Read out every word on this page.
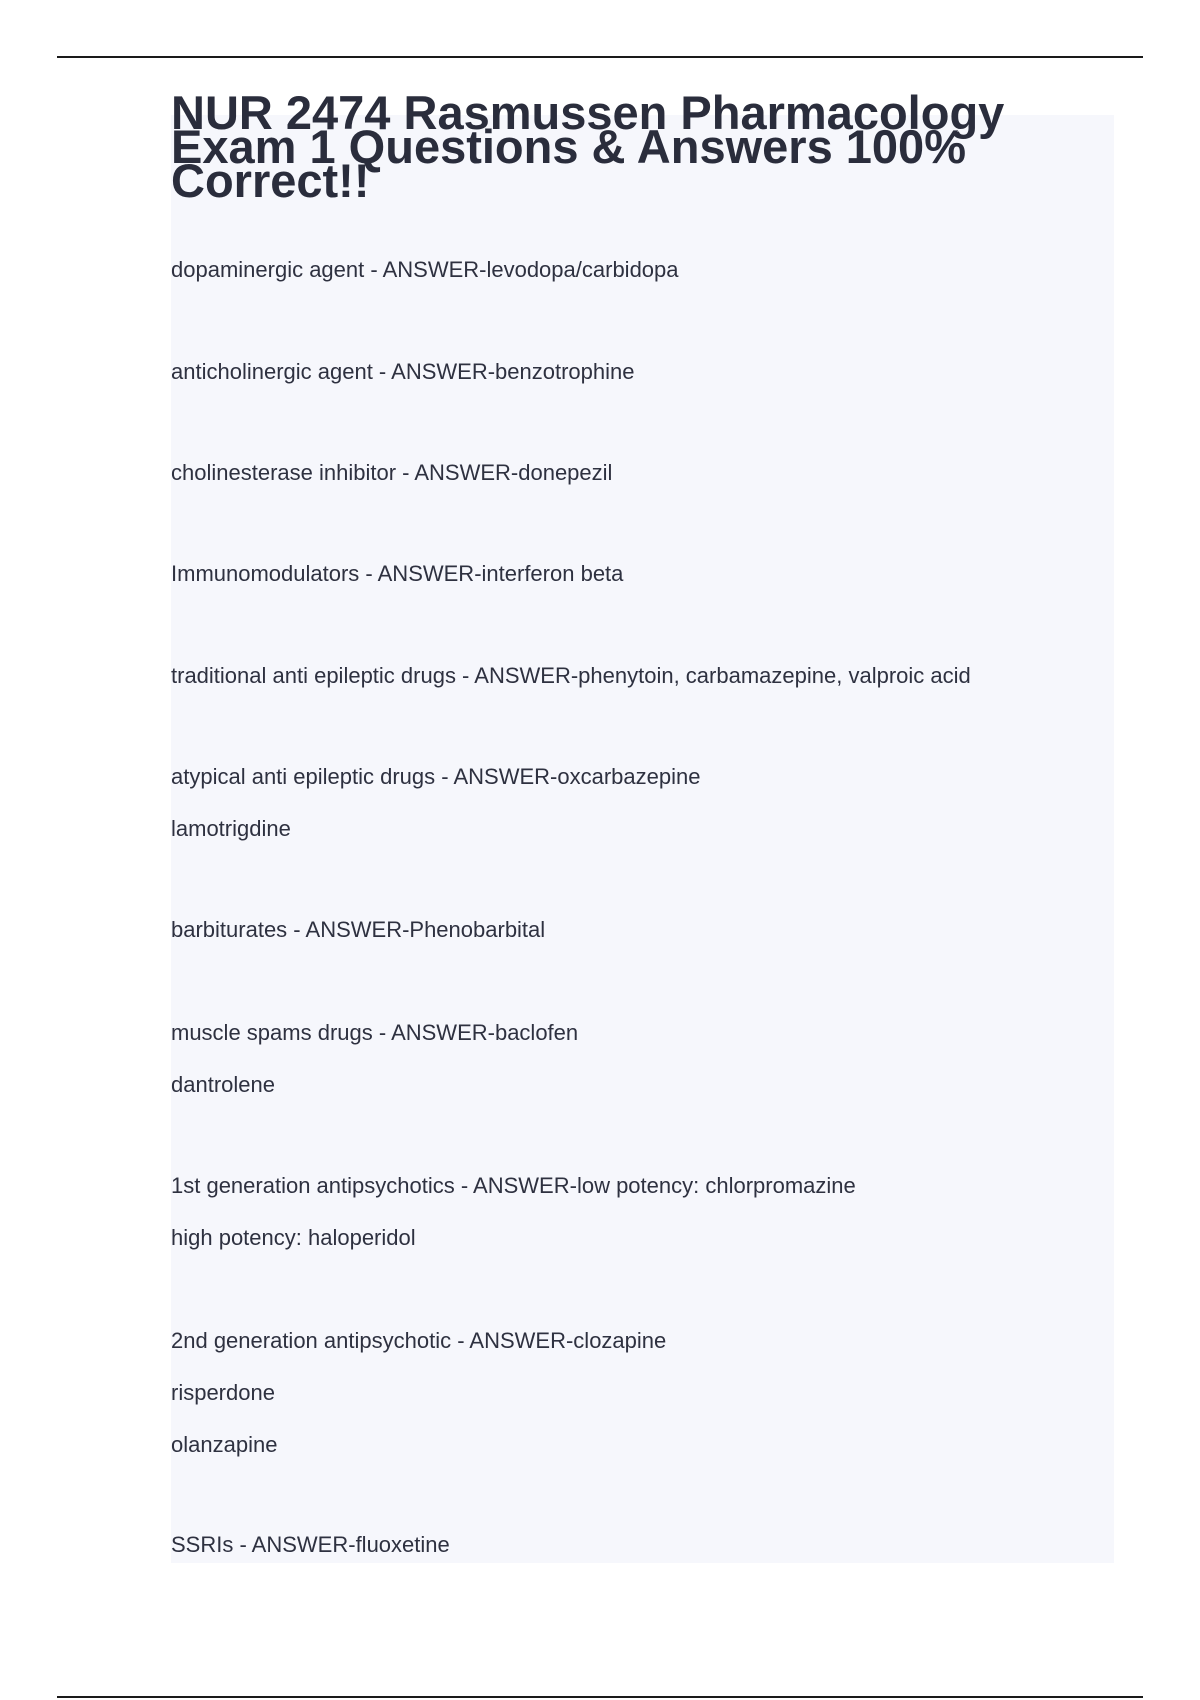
NUR 2474 Rasmussen Pharmacology Exam 1 Questions & Answers 100% Correct!!
dopaminergic agent - ANSWER-levodopa/carbidopa
anticholinergic agent - ANSWER-benzotrophine
cholinesterase inhibitor - ANSWER-donepezil
Immunomodulators - ANSWER-interferon beta
traditional anti epileptic drugs - ANSWER-phenytoin, carbamazepine, valproic acid
atypical anti epileptic drugs - ANSWER-oxcarbazepine
lamotrigdine
barbiturates - ANSWER-Phenobarbital
muscle spams drugs - ANSWER-baclofen
dantrolene
1st generation antipsychotics - ANSWER-low potency: chlorpromazine
high potency: haloperidol
2nd generation antipsychotic - ANSWER-clozapine
risperdone
olanzapine
SSRIs - ANSWER-fluoxetine
